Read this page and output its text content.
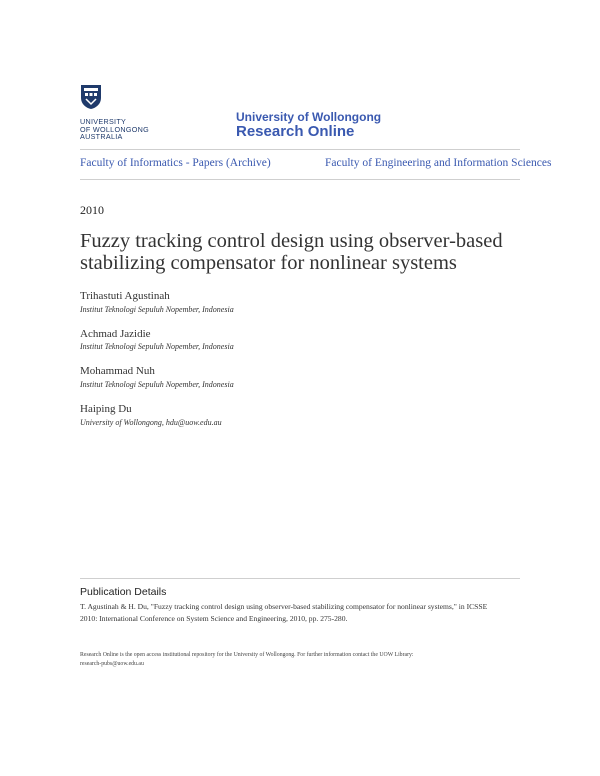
UNIVERSITY
OF WOLLONGONG
AUSTRALIA
University of Wollongong
Research Online
Faculty of Informatics - Papers (Archive)	Faculty of Engineering and Information Sciences
2010
Fuzzy tracking control design using observer-based
stabilizing compensator for nonlinear systems
Trihastuti Agustinah
Institut Teknologi Sepuluh Nopember, Indonesia
Achmad Jazidie
Institut Teknologi Sepuluh Nopember, Indonesia
Mohammad Nuh
Institut Teknologi Sepuluh Nopember, Indonesia
Haiping Du
University of Wollongong, hdu@uow.edu.au
Publication Details
T. Agustinah & H. Du, "Fuzzy tracking control design using observer-based stabilizing compensator for nonlinear systems," in ICSSE
2010: International Conference on System Science and Engineering, 2010, pp. 275-280.
Research Online is the open access institutional repository for the University of Wollongong. For further information contact the UOW Library:
research-pubs@uow.edu.au
